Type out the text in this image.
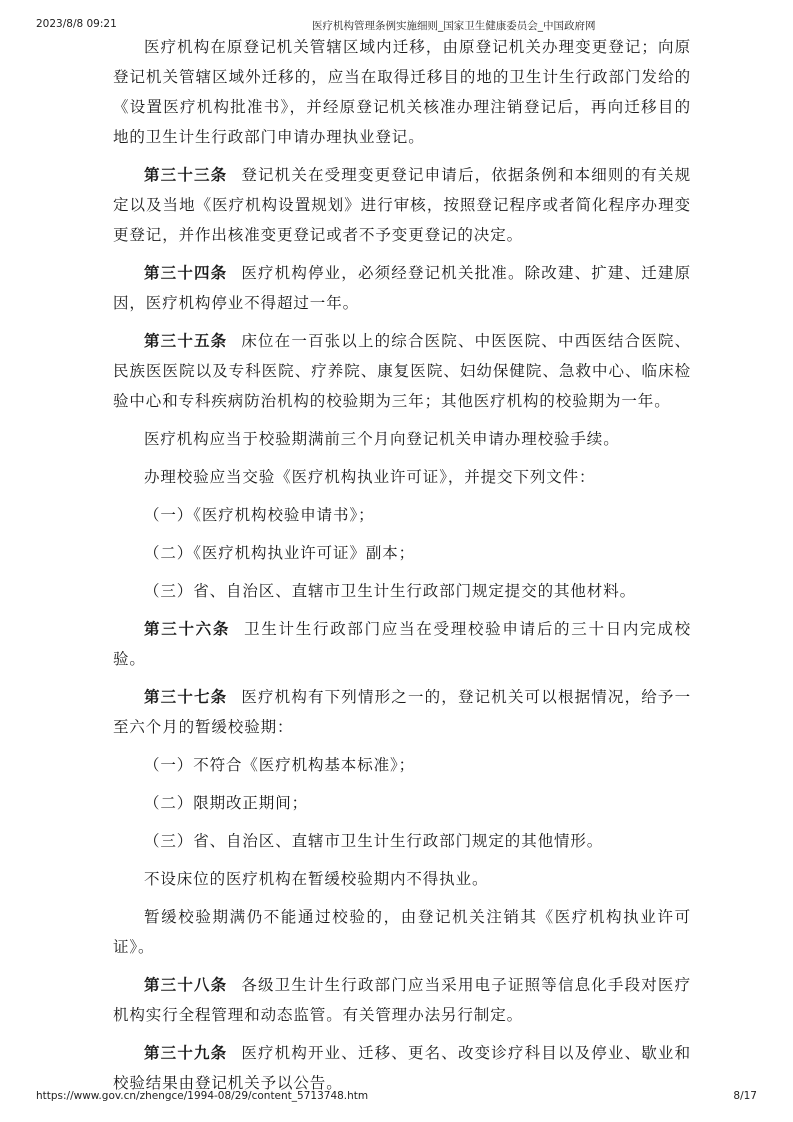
2023/8/8 09:21	医疗机构管理条例实施细则_国家卫生健康委员会_中国政府网

医疗机构在原登记机关管辖区域内迁移，由原登记机关办理变更登记；向原登记机关管辖区域外迁移的，应当在取得迁移目的地的卫生计生行政部门发给的《设置医疗机构批准书》，并经原登记机关核准办理注销登记后，再向迁移目的地的卫生计生行政部门申请办理执业登记。

第三十三条 登记机关在受理变更登记申请后，依据条例和本细则的有关规定以及当地《医疗机构设置规划》进行审核，按照登记程序或者简化程序办理变更登记，并作出核准变更登记或者不予变更登记的决定。

第三十四条 医疗机构停业，必须经登记机关批准。除改建、扩建、迁建原因，医疗机构停业不得超过一年。

第三十五条 床位在一百张以上的综合医院、中医医院、中西医结合医院、民族医医院以及专科医院、疗养院、康复医院、妇幼保健院、急救中心、临床检验中心和专科疾病防治机构的校验期为三年；其他医疗机构的校验期为一年。

医疗机构应当于校验期满前三个月向登记机关申请办理校验手续。

办理校验应当交验《医疗机构执业许可证》，并提交下列文件：

（一）《医疗机构校验申请书》；

（二）《医疗机构执业许可证》副本；

（三）省、自治区、直辖市卫生计生行政部门规定提交的其他材料。

第三十六条 卫生计生行政部门应当在受理校验申请后的三十日内完成校验。

第三十七条 医疗机构有下列情形之一的，登记机关可以根据情况，给予一至六个月的暂缓校验期：

（一）不符合《医疗机构基本标准》；

（二）限期改正期间；

（三）省、自治区、直辖市卫生计生行政部门规定的其他情形。

不设床位的医疗机构在暂缓校验期内不得执业。

暂缓校验期满仍不能通过校验的，由登记机关注销其《医疗机构执业许可证》。

第三十八条 各级卫生计生行政部门应当采用电子证照等信息化手段对医疗机构实行全程管理和动态监管。有关管理办法另行制定。

第三十九条 医疗机构开业、迁移、更名、改变诊疗科目以及停业、歇业和校验结果由登记机关予以公告。

https://www.gov.cn/zhengce/1994-08/29/content_5713748.htm	8/17
